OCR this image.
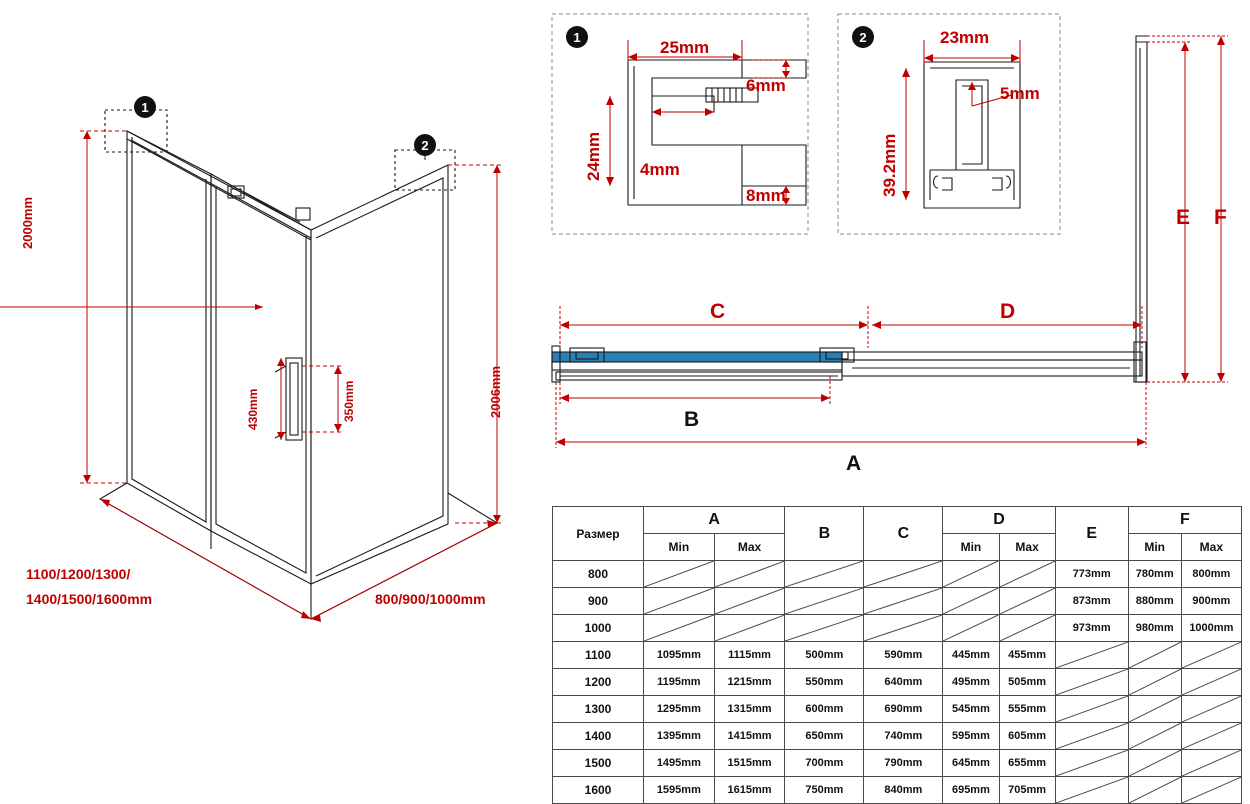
1
2
1	2
2000mm
2006mm
430mm	350mm
1100/1200/1300/
1400/1500/1600mm	800/900/1000mm
25mm
24mm 4mm
6mm
8mm
23mm
39.2mm
5mm
C	D
B
A
E F
Размер	A		B	C	D		E	F	
	Min	Max			Min	Max		Min	Max
800							773mm	780mm	800mm
900							873mm	880mm	900mm
1000							973mm	980mm	1000mm
1100	1095mm	1115mm	500mm	590mm	445mm	455mm	

1200	1195mm	1215mm	550mm	640mm	495mm	505mm	

1300	1295mm	1315mm	600mm	690mm	545mm	555mm	

1400	1395mm	1415mm	650mm	740mm	595mm	605mm	

1500	1495mm	1515mm	700mm	790mm	645mm	655mm	

1600	1595mm	1615mm	750mm	840mm	695mm	705mm	
